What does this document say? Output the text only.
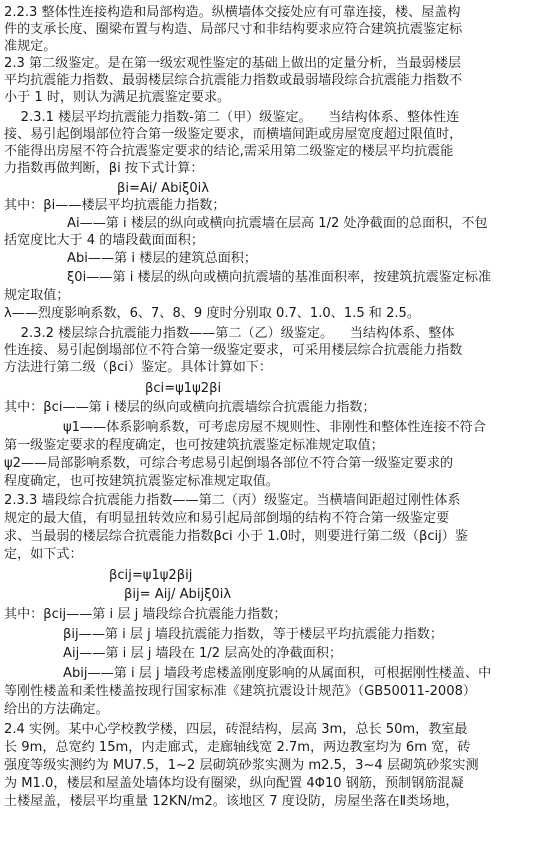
2.2.3 整体性连接构造和局部构造。纵横墙体交接处应有可靠连接，楼、屋盖构
件的支承长度、圈梁布置与构造、局部尺寸和非结构要求应符合建筑抗震鉴定标
准规定。
2.3 第二级鉴定。是在第一级宏观性鉴定的基础上做出的定量分析，当最弱楼层
平均抗震能力指数、最弱楼层综合抗震能力指数或最弱墙段综合抗震能力指数不
小于 1 时，则认为满足抗震鉴定要求。
2.3.1 楼层平均抗震能力指数-第二（甲）级鉴定。    当结构体系、整体性连
接、易引起倒塌部位符合第一级鉴定要求，而横墙间距或房屋宽度超过限值时，
不能得出房屋不符合抗震鉴定要求的结论,需采用第二级鉴定的楼层平均抗震能
力指数再做判断，βi 按下式计算：
βi=Ai/ Abiξ0iλ
其中：βi——楼层平均抗震能力指数；
Ai——第 i 楼层的纵向或横向抗震墙在层高 1/2 处净截面的总面积，不包
括宽度比大于 4 的墙段截面面积；
Abi——第 i 楼层的建筑总面积；
ξ0i——第 i 楼层的纵向或横向抗震墙的基准面积率，按建筑抗震鉴定标准
规定取值；
λ——烈度影响系数，6、7、8、9 度时分别取 0.7、1.0、1.5 和 2.5。
2.3.2 楼层综合抗震能力指数——第二（乙）级鉴定。    当结构体系、整体
性连接、易引起倒塌部位不符合第一级鉴定要求，可采用楼层综合抗震能力指数
方法进行第二级（βci）鉴定。具体计算如下：
βci=ψ1ψ2βi
其中：βci——第 i 楼层的纵向或横向抗震墙综合抗震能力指数；
ψ1——体系影响系数，可考虑房屋不规则性、非刚性和整体性连接不符合
第一级鉴定要求的程度确定，也可按建筑抗震鉴定标准规定取值；
ψ2——局部影响系数，可综合考虑易引起倒塌各部位不符合第一级鉴定要求的
程度确定，也可按建筑抗震鉴定标准规定取值。
2.3.3 墙段综合抗震能力指数——第二（丙）级鉴定。当横墙间距超过刚性体系
规定的最大值，有明显扭转效应和易引起局部倒塌的结构不符合第一级鉴定要
求、当最弱的楼层综合抗震能力指数βci 小于 1.0时，则要进行第二级（βcij）鉴
定，如下式：
βcij=ψ1ψ2βij
βij= Aij/ Abijξ0iλ
其中：βcij——第 i 层 j 墙段综合抗震能力指数；
βij——第 i 层 j 墙段抗震能力指数，等于楼层平均抗震能力指数；
Aij——第 i 层 j 墙段在 1/2 层高处的净截面积；
Abij——第 i 层 j 墙段考虑楼盖刚度影响的从属面积，可根据刚性楼盖、中
等刚性楼盖和柔性楼盖按现行国家标准《建筑抗震设计规范》（GB50011-2008）
给出的方法确定。
2.4 实例。某中心学校教学楼，四层，砖混结构，层高 3m，总长 50m，教室最
长 9m，总宽约 15m，内走廊式，走廊轴线宽 2.7m，两边教室均为 6m 宽，砖
强度等级实测约为 MU7.5，1~2 层砌筑砂浆实测为 m2.5，3~4 层砌筑砂浆实测
为 M1.0，楼层和屋盖处墙体均设有圈梁，纵向配置 4Φ10 钢筋，预制钢筋混凝
土楼屋盖，楼层平均重量 12KN/m2。该地区 7 度设防，房屋坐落在Ⅱ类场地，
